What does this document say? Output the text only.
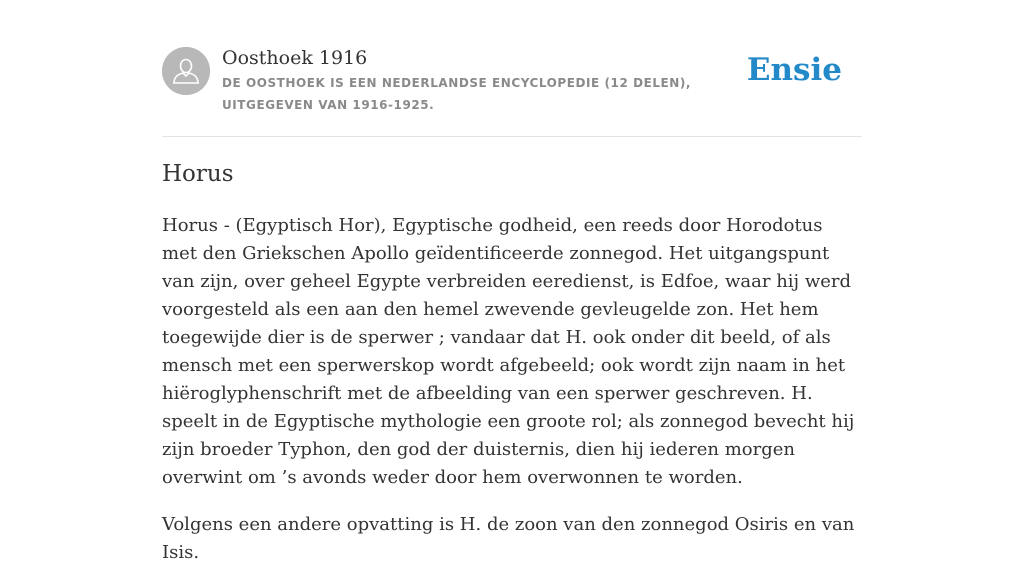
Oosthoek 1916
DE OOSTHOEK IS EEN NEDERLANDSE ENCYCLOPEDIE (12 DELEN), UITGEGEVEN VAN 1916-1925.
Ensie
Horus

Horus - (Egyptisch Hor), Egyptische godheid, een reeds door Horodotus met den Griekschen Apollo geïdentificeerde zonnegod. Het uitgangspunt van zijn, over geheel Egypte verbreiden eeredienst, is Edfoe, waar hij werd voorgesteld als een aan den hemel zwevende gevleugelde zon. Het hem toegewijde dier is de sperwer ; vandaar dat H. ook onder dit beeld, of als mensch met een sperwerskop wordt afgebeeld; ook wordt zijn naam in het hiëroglyphenschrift met de afbeelding van een sperwer geschreven. H. speelt in de Egyptische mythologie een groote rol; als zonnegod bevecht hij zijn broeder Typhon, den god der duisternis, dien hij iederen morgen overwint om ’s avonds weder door hem overwonnen te worden.

Volgens een andere opvatting is H. de zoon van den zonnegod Osiris en van Isis.
